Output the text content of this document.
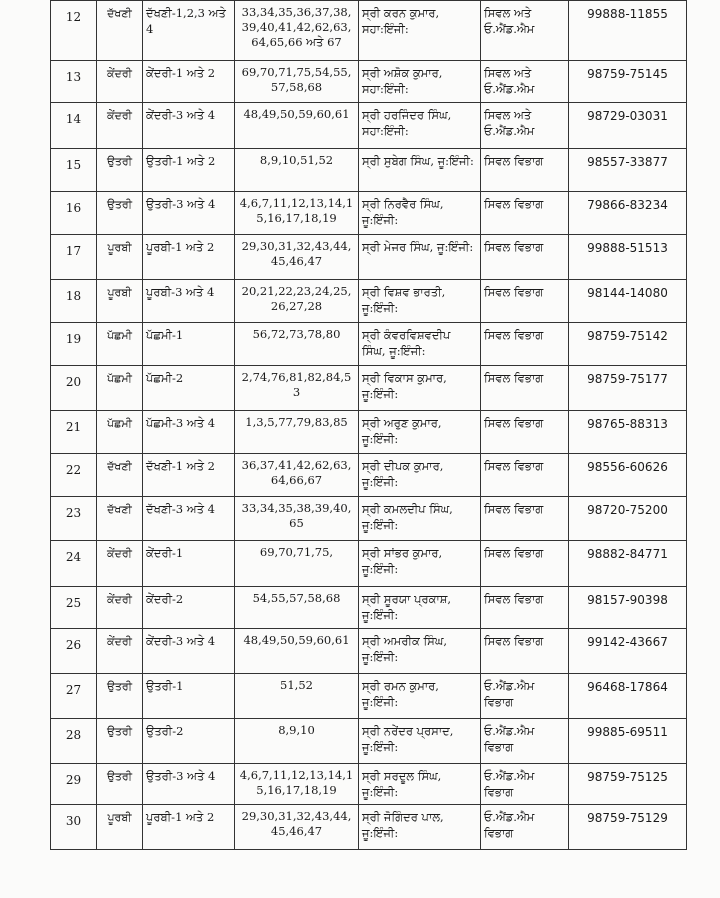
12	ਦੱਖਣੀ	ਦੱਖਣੀ-1,2,3 ਅਤੇ 4	33,34,35,36,37,38,39,40,41,42,62,63,64,65,66 ਅਤੇ 67	ਸ੍ਰੀ ਕਰਨ ਕੁਮਾਰ, ਸਹਾ:ਇੰਜੀ:	ਸਿਵਲ ਅਤੇ ਓ.ਐਂਡ.ਐਮ	99888-11855
13	ਕੇਂਦਰੀ	ਕੇਂਦਰੀ-1 ਅਤੇ 2	69,70,71,75,54,55,57,58,68	ਸ੍ਰੀ ਅਸ਼ੋਕ ਕੁਮਾਰ, ਸਹਾ:ਇੰਜੀ:	ਸਿਵਲ ਅਤੇ ਓ.ਐਂਡ.ਐਮ	98759-75145
14	ਕੇਂਦਰੀ	ਕੇਂਦਰੀ-3 ਅਤੇ 4	48,49,50,59,60,61	ਸ੍ਰੀ ਹਰਜਿੰਦਰ ਸਿੰਘ, ਸਹਾ:ਇੰਜੀ:	ਸਿਵਲ ਅਤੇ ਓ.ਐਂਡ.ਐਮ	98729-03031
15	ਉਤਰੀ	ਉਤਰੀ-1 ਅਤੇ 2	8,9,10,51,52	ਸ੍ਰੀ ਸੁਬੇਗ ਸਿੰਘ, ਜੂ:ਇੰਜੀ:	ਸਿਵਲ ਵਿਭਾਗ	98557-33877
16	ਉਤਰੀ	ਉਤਰੀ-3 ਅਤੇ 4	4,6,7,11,12,13,14,15,16,17,18,19	ਸ੍ਰੀ ਨਿਰਵੈਰ ਸਿੰਘ, ਜੂ:ਇੰਜੀ:	ਸਿਵਲ ਵਿਭਾਗ	79866-83234
17	ਪੂਰਬੀ	ਪੂਰਬੀ-1 ਅਤੇ 2	29,30,31,32,43,44,45,46,47	ਸ੍ਰੀ ਮੇਜਰ ਸਿੰਘ, ਜੂ:ਇੰਜੀ:	ਸਿਵਲ ਵਿਭਾਗ	99888-51513
18	ਪੂਰਬੀ	ਪੂਰਬੀ-3 ਅਤੇ 4	20,21,22,23,24,25,26,27,28	ਸ੍ਰੀ ਵਿਸ਼ਵ ਭਾਰਤੀ, ਜੂ:ਇੰਜੀ:	ਸਿਵਲ ਵਿਭਾਗ	98144-14080
19	ਪੱਛਮੀ	ਪੱਛਮੀ-1	56,72,73,78,80	ਸ੍ਰੀ ਕੰਵਰਵਿਸ਼ਵਦੀਪ ਸਿੰਘ, ਜੂ:ਇੰਜੀ:	ਸਿਵਲ ਵਿਭਾਗ	98759-75142
20	ਪੱਛਮੀ	ਪੱਛਮੀ-2	2,74,76,81,82,84,53	ਸ੍ਰੀ ਵਿਕਾਸ ਕੁਮਾਰ, ਜੂ:ਇੰਜੀ:	ਸਿਵਲ ਵਿਭਾਗ	98759-75177
21	ਪੱਛਮੀ	ਪੱਛਮੀ-3 ਅਤੇ 4	1,3,5,77,79,83,85	ਸ੍ਰੀ ਅਰੁਣ ਕੁਮਾਰ, ਜੂ:ਇੰਜੀ:	ਸਿਵਲ ਵਿਭਾਗ	98765-88313
22	ਦੱਖਣੀ	ਦੱਖਣੀ-1 ਅਤੇ 2	36,37,41,42,62,63,64,66,67	ਸ੍ਰੀ ਦੀਪਕ ਕੁਮਾਰ, ਜੂ:ਇੰਜੀ:	ਸਿਵਲ ਵਿਭਾਗ	98556-60626
23	ਦੱਖਣੀ	ਦੱਖਣੀ-3 ਅਤੇ 4	33,34,35,38,39,40,65	ਸ੍ਰੀ ਕਮਲਦੀਪ ਸਿੰਘ, ਜੂ:ਇੰਜੀ:	ਸਿਵਲ ਵਿਭਾਗ	98720-75200
24	ਕੇਂਦਰੀ	ਕੇਂਦਰੀ-1	69,70,71,75,	ਸ੍ਰੀ ਸਾਂਭਰ ਕੁਮਾਰ, ਜੂ:ਇੰਜੀ:	ਸਿਵਲ ਵਿਭਾਗ	98882-84771
25	ਕੇਂਦਰੀ	ਕੇਂਦਰੀ-2	54,55,57,58,68	ਸ੍ਰੀ ਸੂਰਯਾ ਪ੍ਰਕਾਸ਼, ਜੂ:ਇੰਜੀ:	ਸਿਵਲ ਵਿਭਾਗ	98157-90398
26	ਕੇਂਦਰੀ	ਕੇਂਦਰੀ-3 ਅਤੇ 4	48,49,50,59,60,61	ਸ੍ਰੀ ਅਮਰੀਕ ਸਿੰਘ, ਜੂ:ਇੰਜੀ:	ਸਿਵਲ ਵਿਭਾਗ	99142-43667
27	ਉਤਰੀ	ਉਤਰੀ-1	51,52	ਸ੍ਰੀ ਰਮਨ ਕੁਮਾਰ, ਜੂ:ਇੰਜੀ:	ਓ.ਐਂਡ.ਐਮ ਵਿਭਾਗ	96468-17864
28	ਉਤਰੀ	ਉਤਰੀ-2	8,9,10	ਸ੍ਰੀ ਨਰੇਂਦਰ ਪ੍ਰਸਾਦ, ਜੂ:ਇੰਜੀ:	ਓ.ਐਂਡ.ਐਮ ਵਿਭਾਗ	99885-69511
29	ਉਤਰੀ	ਉਤਰੀ-3 ਅਤੇ 4	4,6,7,11,12,13,14,15,16,17,18,19	ਸ੍ਰੀ ਸਰਦੂਲ ਸਿੰਘ, ਜੂ:ਇੰਜੀ:	ਓ.ਐਂਡ.ਐਮ ਵਿਭਾਗ	98759-75125
30	ਪੂਰਬੀ	ਪੂਰਬੀ-1 ਅਤੇ 2	29,30,31,32,43,44,45,46,47	ਸ੍ਰੀ ਜੋਗਿੰਦਰ ਪਾਲ, ਜੂ:ਇੰਜੀ:	ਓ.ਐਂਡ.ਐਮ ਵਿਭਾਗ	98759-75129
